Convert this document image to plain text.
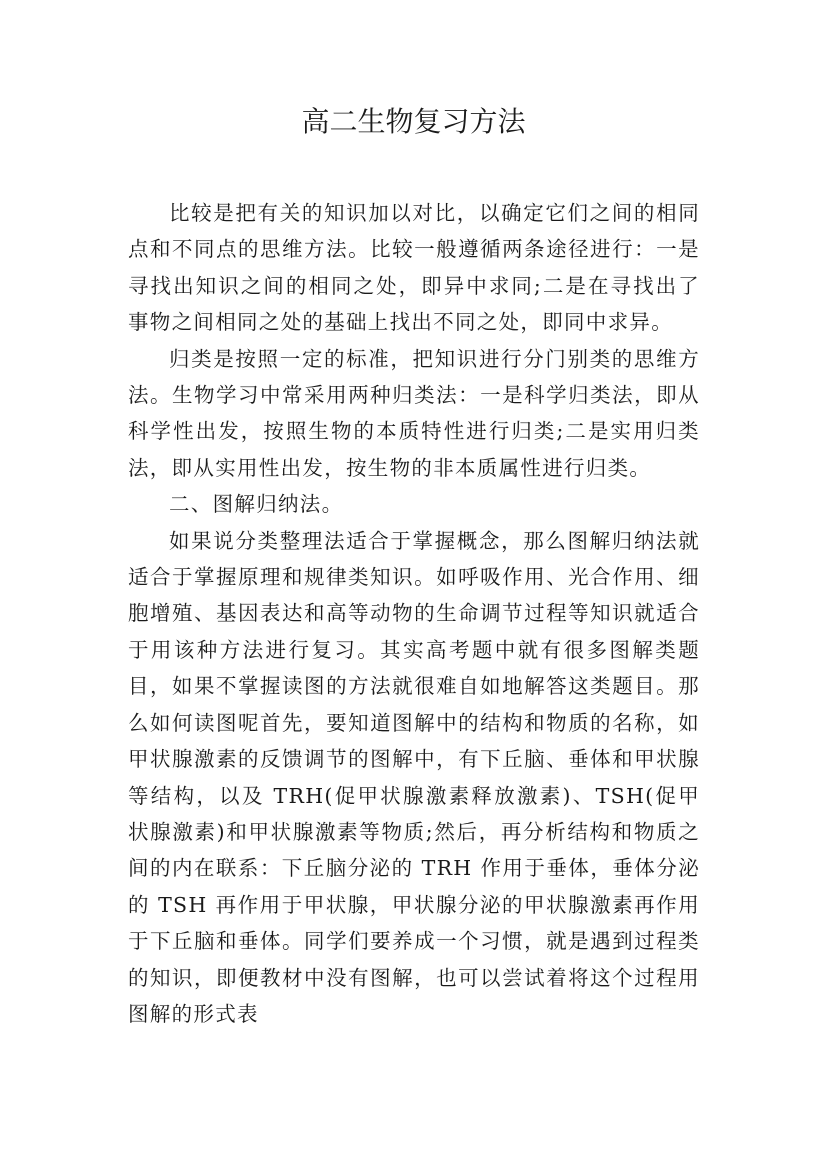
高二生物复习方法

比较是把有关的知识加以对比，以确定它们之间的相同点和不同点的思维方法。比较一般遵循两条途径进行：一是寻找出知识之间的相同之处，即异中求同;二是在寻找出了事物之间相同之处的基础上找出不同之处，即同中求异。

归类是按照一定的标准，把知识进行分门别类的思维方法。生物学习中常采用两种归类法：一是科学归类法，即从科学性出发，按照生物的本质特性进行归类;二是实用归类法，即从实用性出发，按生物的非本质属性进行归类。

二、图解归纳法。

如果说分类整理法适合于掌握概念，那么图解归纳法就适合于掌握原理和规律类知识。如呼吸作用、光合作用、细胞增殖、基因表达和高等动物的生命调节过程等知识就适合于用该种方法进行复习。其实高考题中就有很多图解类题目，如果不掌握读图的方法就很难自如地解答这类题目。那么如何读图呢首先，要知道图解中的结构和物质的名称，如甲状腺激素的反馈调节的图解中，有下丘脑、垂体和甲状腺等结构，以及 TRH(促甲状腺激素释放激素)、TSH(促甲状腺激素)和甲状腺激素等物质;然后，再分析结构和物质之间的内在联系：下丘脑分泌的 TRH 作用于垂体，垂体分泌的 TSH 再作用于甲状腺，甲状腺分泌的甲状腺激素再作用于下丘脑和垂体。同学们要养成一个习惯，就是遇到过程类的知识，即便教材中没有图解，也可以尝试着将这个过程用图解的形式表
